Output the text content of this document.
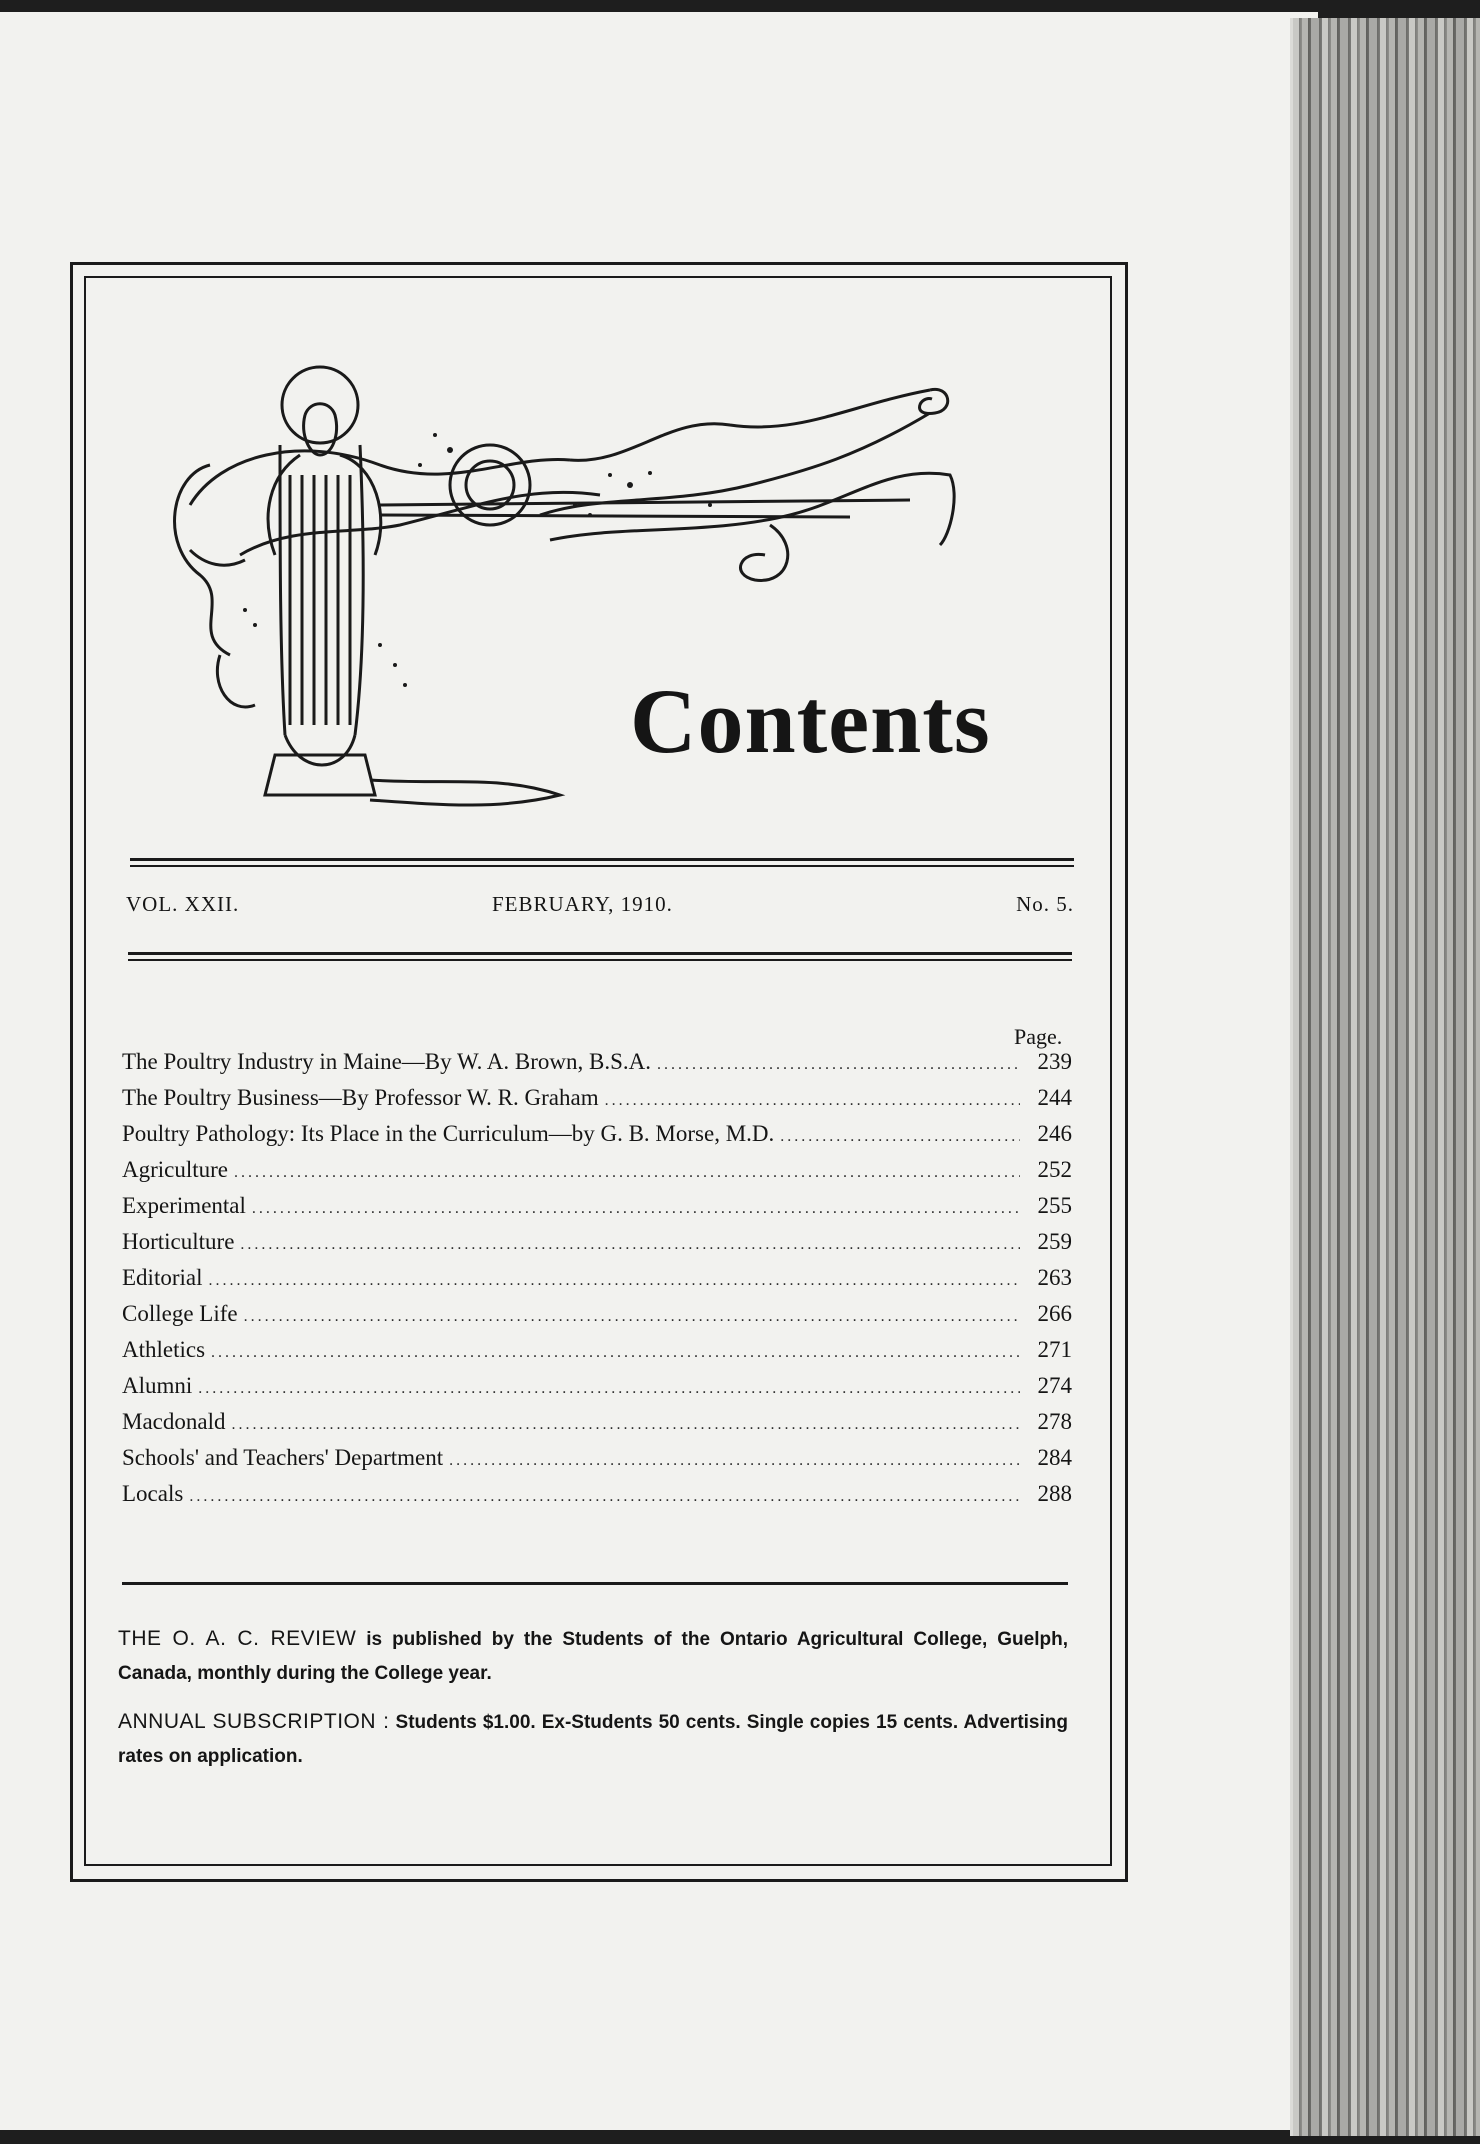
Contents
VOL. XXII.	FEBRUARY, 1910.	No. 5.
Page.
The Poultry Industry in Maine—By W. A. Brown, B.S.A. .....	239
The Poultry Business—By Professor W. R. Graham .....	244
Poultry Pathology: Its Place in the Curriculum—by G. B. Morse, M.D. .....	246
Agriculture .....	252
Experimental .....	255
Horticulture .....	259
Editorial .....	263
College Life .....	266
Athletics .....	271
Alumni .....	274
Macdonald .....	278
Schools' and Teachers' Department .....	284
Locals .....	288

THE O. A. C. REVIEW is published by the Students of the Ontario Agricultural College, Guelph, Canada, monthly during the College year.

ANNUAL SUBSCRIPTION : Students $1.00. Ex-Students 50 cents. Single copies 15 cents. Advertising rates on application.
